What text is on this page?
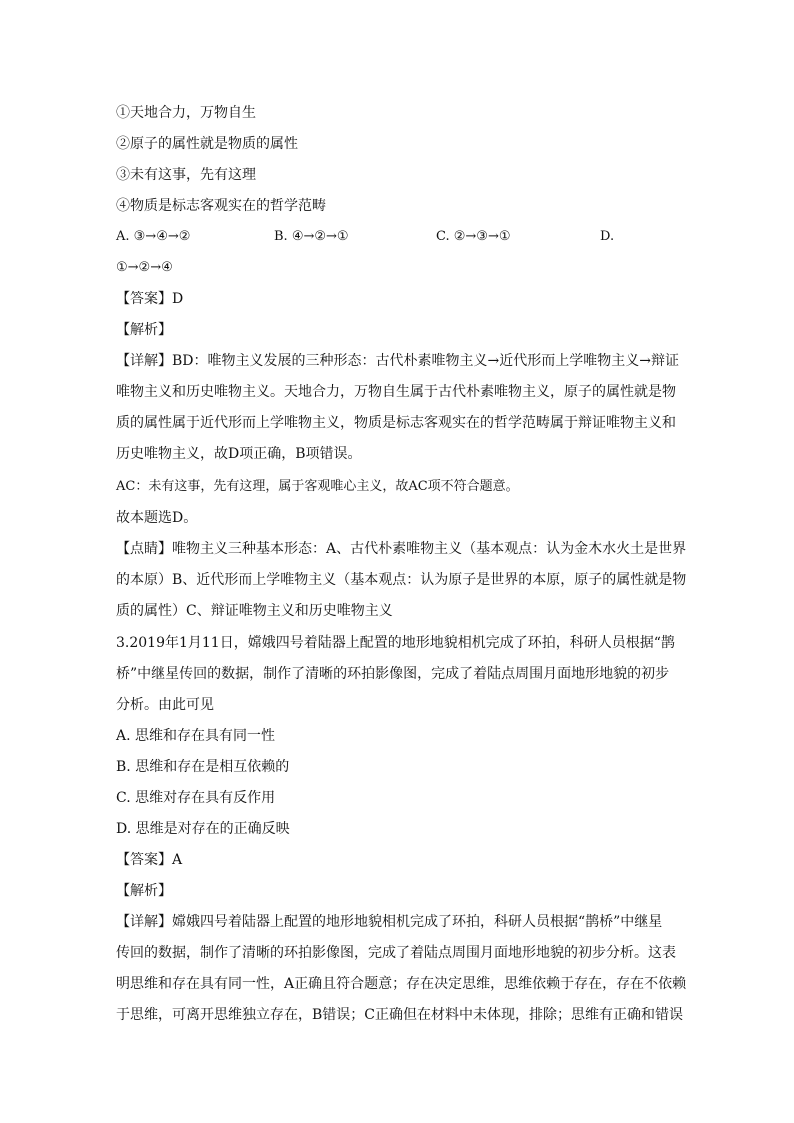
①天地合力，万物自生
②原子的属性就是物质的属性
③未有这事，先有这理
④物质是标志客观实在的哲学范畴
A. ③→④→②	B. ④→②→①	C. ②→③→①	D.
①→②→④
【答案】D
【解析】
【详解】BD：唯物主义发展的三种形态：古代朴素唯物主义→近代形而上学唯物主义→辩证
唯物主义和历史唯物主义。天地合力，万物自生属于古代朴素唯物主义，原子的属性就是物
质的属性属于近代形而上学唯物主义，物质是标志客观实在的哲学范畴属于辩证唯物主义和
历史唯物主义，故D项正确，B项错误。
AC：未有这事，先有这理，属于客观唯心主义，故AC项不符合题意。
故本题选D。
【点睛】唯物主义三种基本形态：A、古代朴素唯物主义（基本观点：认为金木水火土是世界
的本原）B、近代形而上学唯物主义（基本观点：认为原子是世界的本原，原子的属性就是物
质的属性）C、辩证唯物主义和历史唯物主义
3.2019年1月11日，嫦娥四号着陆器上配置的地形地貌相机完成了环拍，科研人员根据“鹊
桥”中继星传回的数据，制作了清晰的环拍影像图，完成了着陆点周围月面地形地貌的初步
分析。由此可见
A. 思维和存在具有同一性
B. 思维和存在是相互依赖的
C. 思维对存在具有反作用
D. 思维是对存在的正确反映
【答案】A
【解析】
【详解】嫦娥四号着陆器上配置的地形地貌相机完成了环拍，科研人员根据“鹊桥”中继星
传回的数据，制作了清晰的环拍影像图，完成了着陆点周围月面地形地貌的初步分析。这表
明思维和存在具有同一性，A正确且符合题意；存在决定思维，思维依赖于存在，存在不依赖
于思维，可离开思维独立存在，B错误；C正确但在材料中未体现，排除；思维有正确和错误
